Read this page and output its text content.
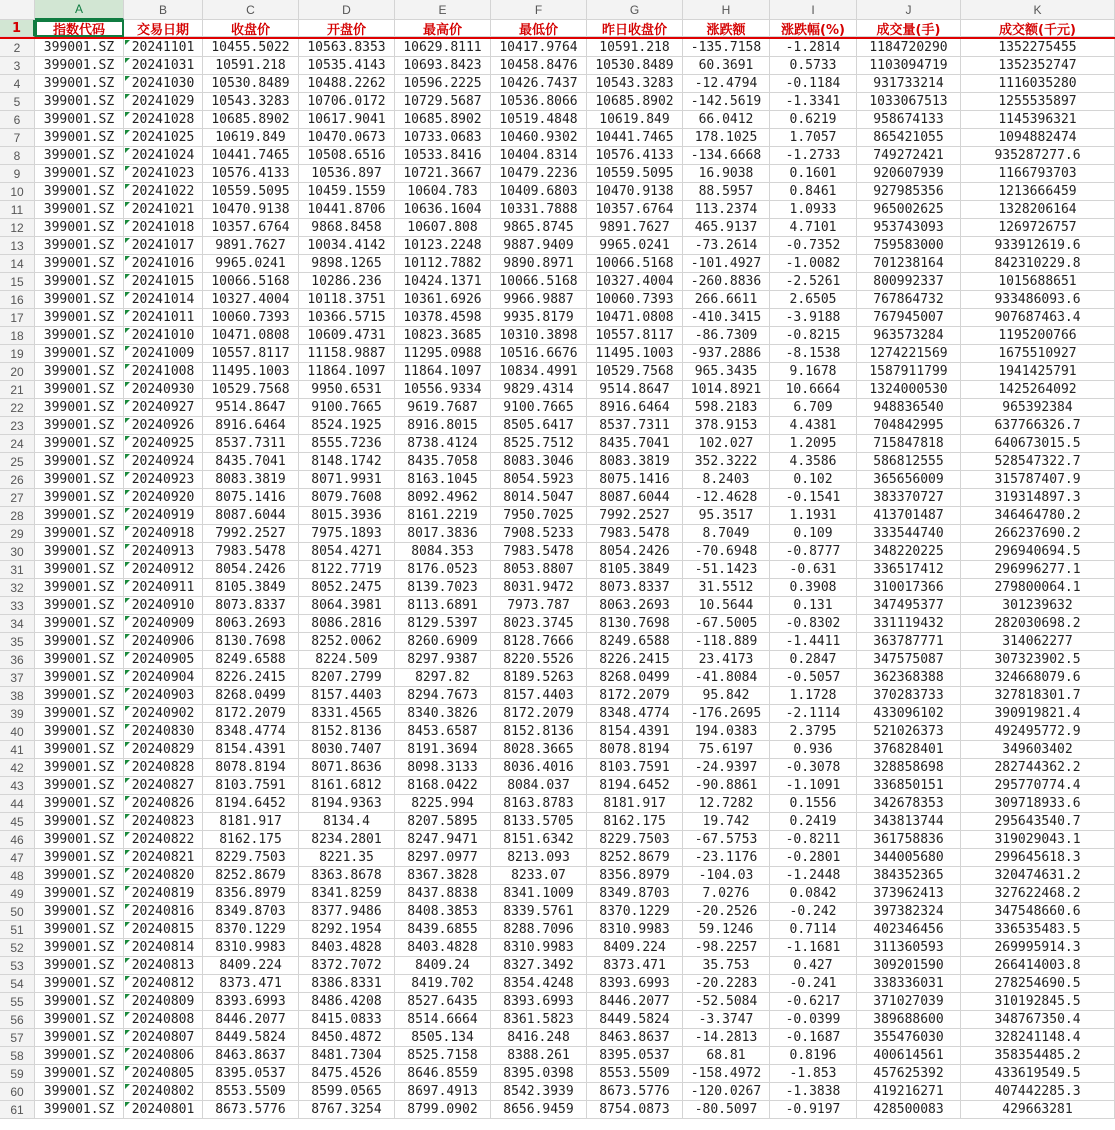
A	B	C	D	E	F	G	H	I	J	K
1	指数代码	交易日期	收盘价	开盘价	最高价	最低价	昨日收盘价	涨跌额	涨跌幅(%)	成交量(手)	成交额(千元)
2 399001.SZ 20241101 10455.5022 10563.8353 10629.8111 10417.9764 10591.218 -135.7158 -1.2814 1184720290	1352275455
3 399001.SZ 20241031 10591.218 10535.4143 10693.8423 10458.8476 10530.8489 60.3691	0.5733	1103094719	1352352747
4 399001.SZ 20241030 10530.8489 10488.2262 10596.2225 10426.7437 10543.3283 -12.4794 -0.1184	931733214	1116035280
5 399001.SZ 20241029 10543.3283 10706.0172 10729.5687 10536.8066 10685.8902 -142.5619 -1.3341 1033067513	1255535897
6 399001.SZ 20241028 10685.8902 10617.9041 10685.8902 10519.4848 10619.849 66.0412	0.6219	958674133	1145396321
7 399001.SZ 20241025 10619.849 10470.0673 10733.0683 10460.9302 10441.7465 178.1025 1.7057	865421055	1094882474
8 399001.SZ 20241024 10441.7465 10508.6516 10533.8416 10404.8314 10576.4133 -134.6668 -1.2733	749272421	935287277.6
9 399001.SZ 20241023 10576.4133 10536.897 10721.3667 10479.2236 10559.5095 16.9038	0.1601	920607939	1166793703
10 399001.SZ 20241022 10559.5095 10459.1559 10604.783 10409.6803 10470.9138 88.5957	0.8461	927985356	1213666459
11 399001.SZ 20241021 10470.9138 10441.8706 10636.1604 10331.7888 10357.6764 113.2374 1.0933	965002625	1328206164
12 399001.SZ 20241018 10357.6764 9868.8458 10607.808 9865.8745 9891.7627 465.9137 4.7101	953743093	1269726757
13 399001.SZ 20241017 9891.7627 10034.4142 10123.2248 9887.9409 9965.0241 -73.2614 -0.7352	759583000	933912619.6
14 399001.SZ 20241016 9965.0241 9898.1265 10112.7882 9890.8971 10066.5168 -101.4927 -1.0082	701238164	842310229.8
15 399001.SZ 20241015 10066.5168 10286.236 10424.1371 10066.5168 10327.4004 -260.8836 -2.5261	800992337	1015688651
16 399001.SZ 20241014 10327.4004 10118.3751 10361.6926 9966.9887 10060.7393 266.6611 2.6505	767864732	933486093.6
17 399001.SZ 20241011 10060.7393 10366.5715 10378.4598 9935.8179 10471.0808 -410.3415 -3.9188	767945007	907687463.4
18 399001.SZ 20241010 10471.0808 10609.4731 10823.3685 10310.3898 10557.8117 -86.7309 -0.8215	963573284	1195200766
19 399001.SZ 20241009 10557.8117 11158.9887 11295.0988 10516.6676 11495.1003 -937.2886 -8.1538 1274221569	1675510927
20 399001.SZ 20241008 11495.1003 11864.1097 11864.1097 10834.4991 10529.7568 965.3435 9.1678	1587911799	1941425791
21 399001.SZ 20240930 10529.7568 9950.6531 10556.9334 9829.4314 9514.8647 1014.8921 10.6664 1324000530	1425264092
22 399001.SZ 20240927 9514.8647 9100.7665 9619.7687 9100.7665 8916.6464 598.2183	6.709	948836540	965392384
23 399001.SZ 20240926 8916.6464 8524.1925 8916.8015 8505.6417 8537.7311 378.9153 4.4381	704842995	637766326.7
24 399001.SZ 20240925 8537.7311 8555.7236 8738.4124 8525.7512 8435.7041 102.027	1.2095	715847818	640673015.5
25 399001.SZ 20240924 8435.7041 8148.1742 8435.7058 8083.3046 8083.3819 352.3222 4.3586	586812555	528547322.7
26 399001.SZ 20240923 8083.3819 8071.9931 8163.1045 8054.5923 8075.1416	8.2403	0.102	365656009	315787407.9
27 399001.SZ 20240920 8075.1416 8079.7608 8092.4962 8014.5047 8087.6044 -12.4628 -0.1541	383370727	319314897.3
28 399001.SZ 20240919 8087.6044 8015.3936 8161.2219 7950.7025 7992.2527 95.3517	1.1931	413701487	346464780.2
29 399001.SZ 20240918 7992.2527 7975.1893 8017.3836 7908.5233 7983.5478	8.7049	0.109	333544740	266237690.2
30 399001.SZ 20240913 7983.5478 8054.4271 8084.353 7983.5478 8054.2426 -70.6948 -0.8777	348220225	296940694.5
31 399001.SZ 20240912 8054.2426 8122.7719 8176.0523 8053.8807 8105.3849 -51.1423 -0.631	336517412	296996277.1
32 399001.SZ 20240911 8105.3849 8052.2475 8139.7023 8031.9472 8073.8337 31.5512	0.3908	310017366	279800064.1
33 399001.SZ 20240910 8073.8337 8064.3981 8113.6891 7973.787 8063.2693 10.5644	0.131	347495377	301239632
34 399001.SZ 20240909 8063.2693 8086.2816 8129.5397 8023.3745 8130.7698 -67.5005 -0.8302	331119432	282030698.2
35 399001.SZ 20240906 8130.7698 8252.0062 8260.6909 8128.7666 8249.6588 -118.889 -1.4411	363787771	314062277
36 399001.SZ 20240905 8249.6588 8224.509 8297.9387 8220.5526 8226.2415 23.4173	0.2847	347575087	307323902.5
37 399001.SZ 20240904 8226.2415 8207.2799	8297.82	8189.5263 8268.0499 -41.8084 -0.5057	362368388	324668079.6
38 399001.SZ 20240903 8268.0499 8157.4403 8294.7673 8157.4403 8172.2079	95.842	1.1728	370283733	327818301.7
39 399001.SZ 20240902 8172.2079 8331.4565 8340.3826 8172.2079 8348.4774 -176.2695 -2.1114	433096102	390919821.4
40 399001.SZ 20240830 8348.4774 8152.8136 8453.6587 8152.8136 8154.4391 194.0383 2.3795	521026373	492495772.9
41 399001.SZ 20240829 8154.4391 8030.7407 8191.3694 8028.3665 8078.8194 75.6197	0.936	376828401	349603402
42 399001.SZ 20240828 8078.8194 8071.8636 8098.3133 8036.4016 8103.7591 -24.9397 -0.3078	328858698	282744362.2
43 399001.SZ 20240827 8103.7591 8161.6812 8168.0422 8084.037 8194.6452 -90.8861 -1.1091	336850151	295770774.4
44 399001.SZ 20240826 8194.6452 8194.9363 8225.994 8163.8783 8181.917	12.7282	0.1556	342678353	309718933.6
45 399001.SZ 20240823 8181.917	8134.4	8207.5895 8133.5705 8162.175	19.742	0.2419	343813744	295643540.7
46 399001.SZ 20240822 8162.175 8234.2801 8247.9471 8151.6342 8229.7503 -67.5753 -0.8211	361758836	319029043.1
47 399001.SZ 20240821 8229.7503	8221.35	8297.0977 8213.093 8252.8679 -23.1176 -0.2801	344005680	299645618.3
48 399001.SZ 20240820 8252.8679 8363.8678 8367.3828	8233.07	8356.8979 -104.03 -1.2448	384352365	320474631.2
49 399001.SZ 20240819 8356.8979 8341.8259 8437.8838 8341.1009 8349.8703	7.0276	0.0842	373962413	327622468.2
50 399001.SZ 20240816 8349.8703 8377.9486 8408.3853 8339.5761 8370.1229 -20.2526 -0.242	397382324	347548660.6
51 399001.SZ 20240815 8370.1229 8292.1954 8439.6855 8288.7096 8310.9983 59.1246	0.7114	402346456	336535483.5
52 399001.SZ 20240814 8310.9983 8403.4828 8403.4828 8310.9983 8409.224 -98.2257 -1.1681	311360593	269995914.3
53 399001.SZ 20240813 8409.224 8372.7072	8409.24	8327.3492 8373.471	35.753	0.427	309201590	266414003.8
54 399001.SZ 20240812 8373.471 8386.8331 8419.702 8354.4248 8393.6993 -20.2283 -0.241	338336031	278254690.5
55 399001.SZ 20240809 8393.6993 8486.4208 8527.6435 8393.6993 8446.2077 -52.5084 -0.6217	371027039	310192845.5
56 399001.SZ 20240808 8446.2077 8415.0833 8514.6664 8361.5823 8449.5824 -3.3747 -0.0399	389688600	348767350.4
57 399001.SZ 20240807 8449.5824 8450.4872 8505.134	8416.248 8463.8637 -14.2813 -0.1687	355476030	328241148.4
58 399001.SZ 20240806 8463.8637 8481.7304 8525.7158 8388.261 8395.0537	68.81	0.8196	400614561	358354485.2
59 399001.SZ 20240805 8395.0537 8475.4526 8646.8559 8395.0398 8553.5509 -158.4972 -1.853	457625392	433619549.5
60 399001.SZ 20240802 8553.5509 8599.0565 8697.4913 8542.3939 8673.5776 -120.0267 -1.3838	419216271	407442285.3
61 399001.SZ 20240801 8673.5776 8767.3254 8799.0902 8656.9459 8754.0873 -80.5097 -0.9197	428500083	429663281
